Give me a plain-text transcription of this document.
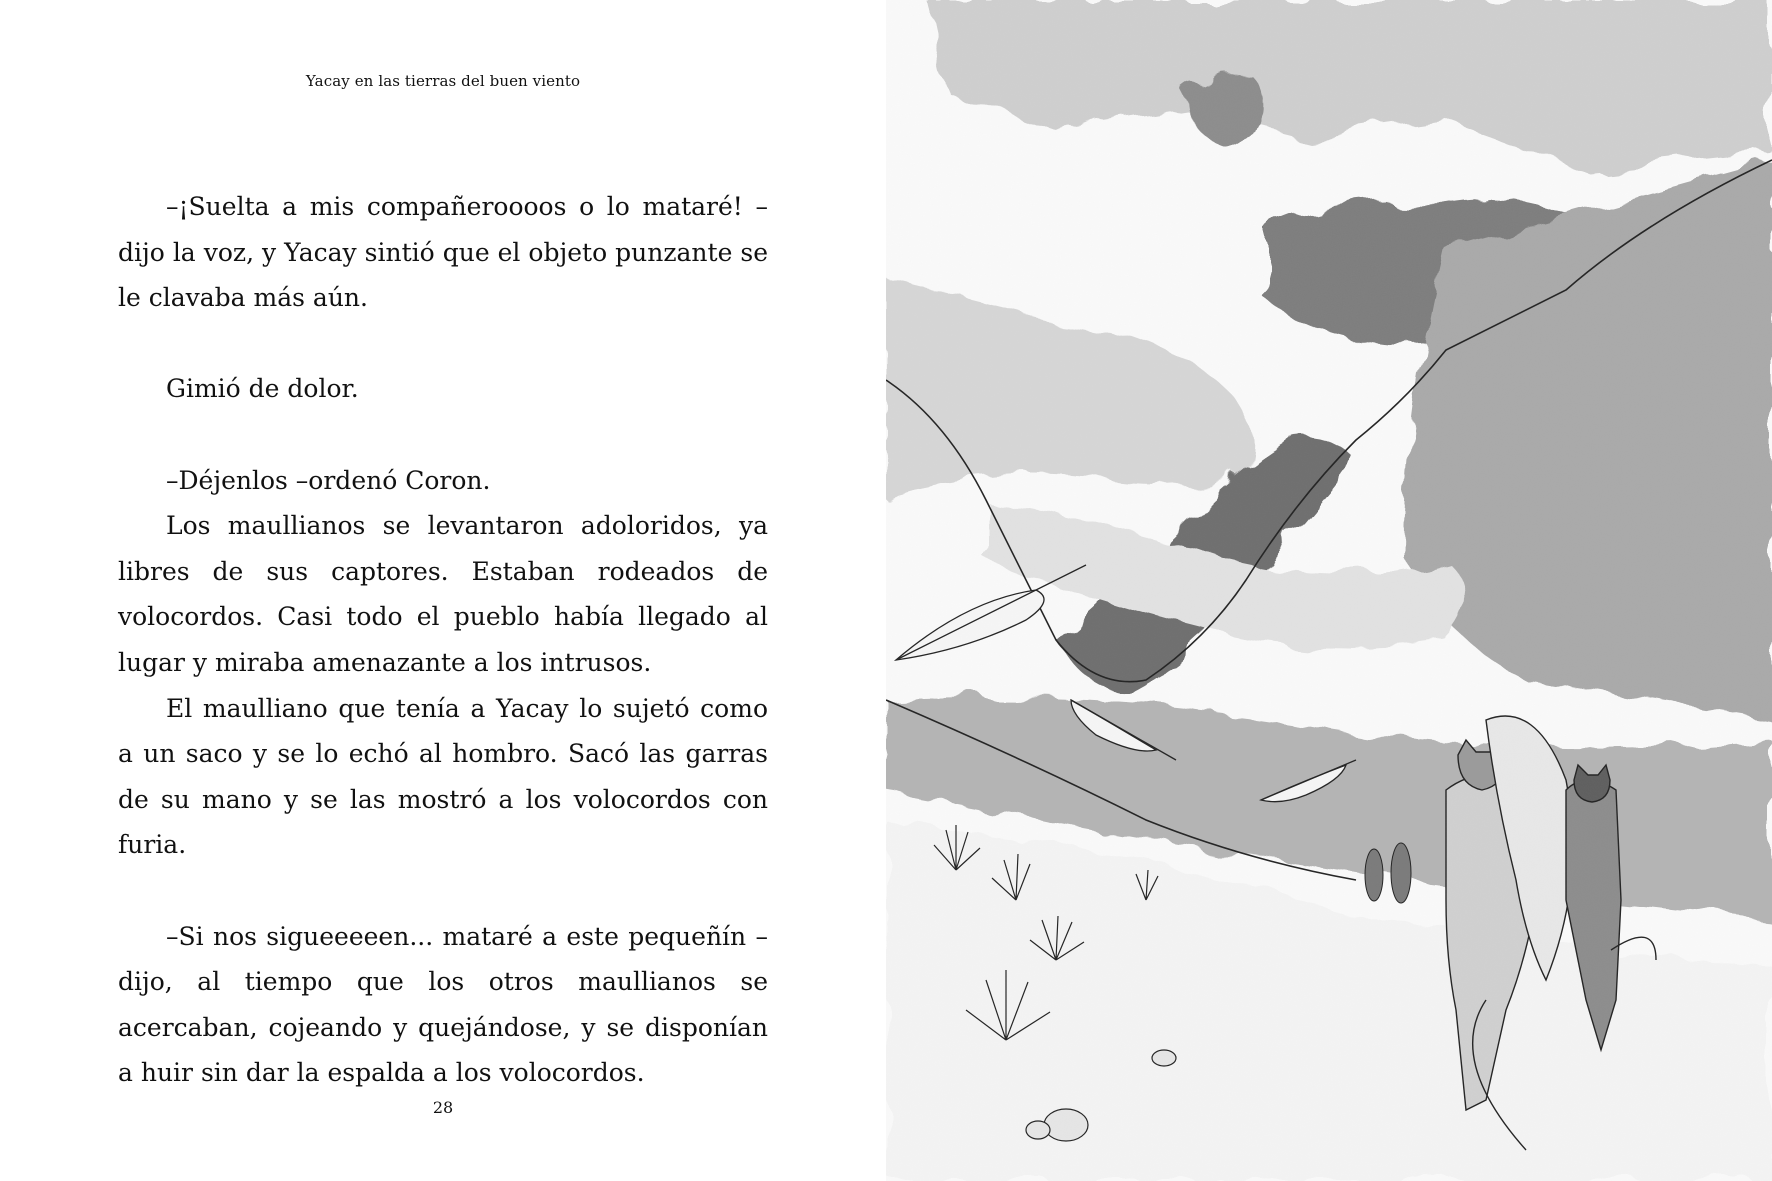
Yacay en las tierras del buen viento

–¡Suelta a mis compañeroooos o lo mataré! –dijo la voz, y Yacay sintió que el objeto punzante se le clavaba más aún.

Gimió de dolor.

–Déjenlos –ordenó Coron.

Los maullianos se levantaron adoloridos, ya libres de sus captores. Estaban rodeados de volocordos. Casi todo el pueblo había llegado al lugar y miraba amenazante a los intrusos.

El maulliano que tenía a Yacay lo sujetó como a un saco y se lo echó al hombro. Sacó las garras de su mano y se las mostró a los volocordos con furia.

–Si nos sigueeeeen... mataré a este pequeñín –dijo, al tiempo que los otros maullianos se acercaban, cojeando y quejándose, y se disponían a huir sin dar la espalda a los volocordos.

28
